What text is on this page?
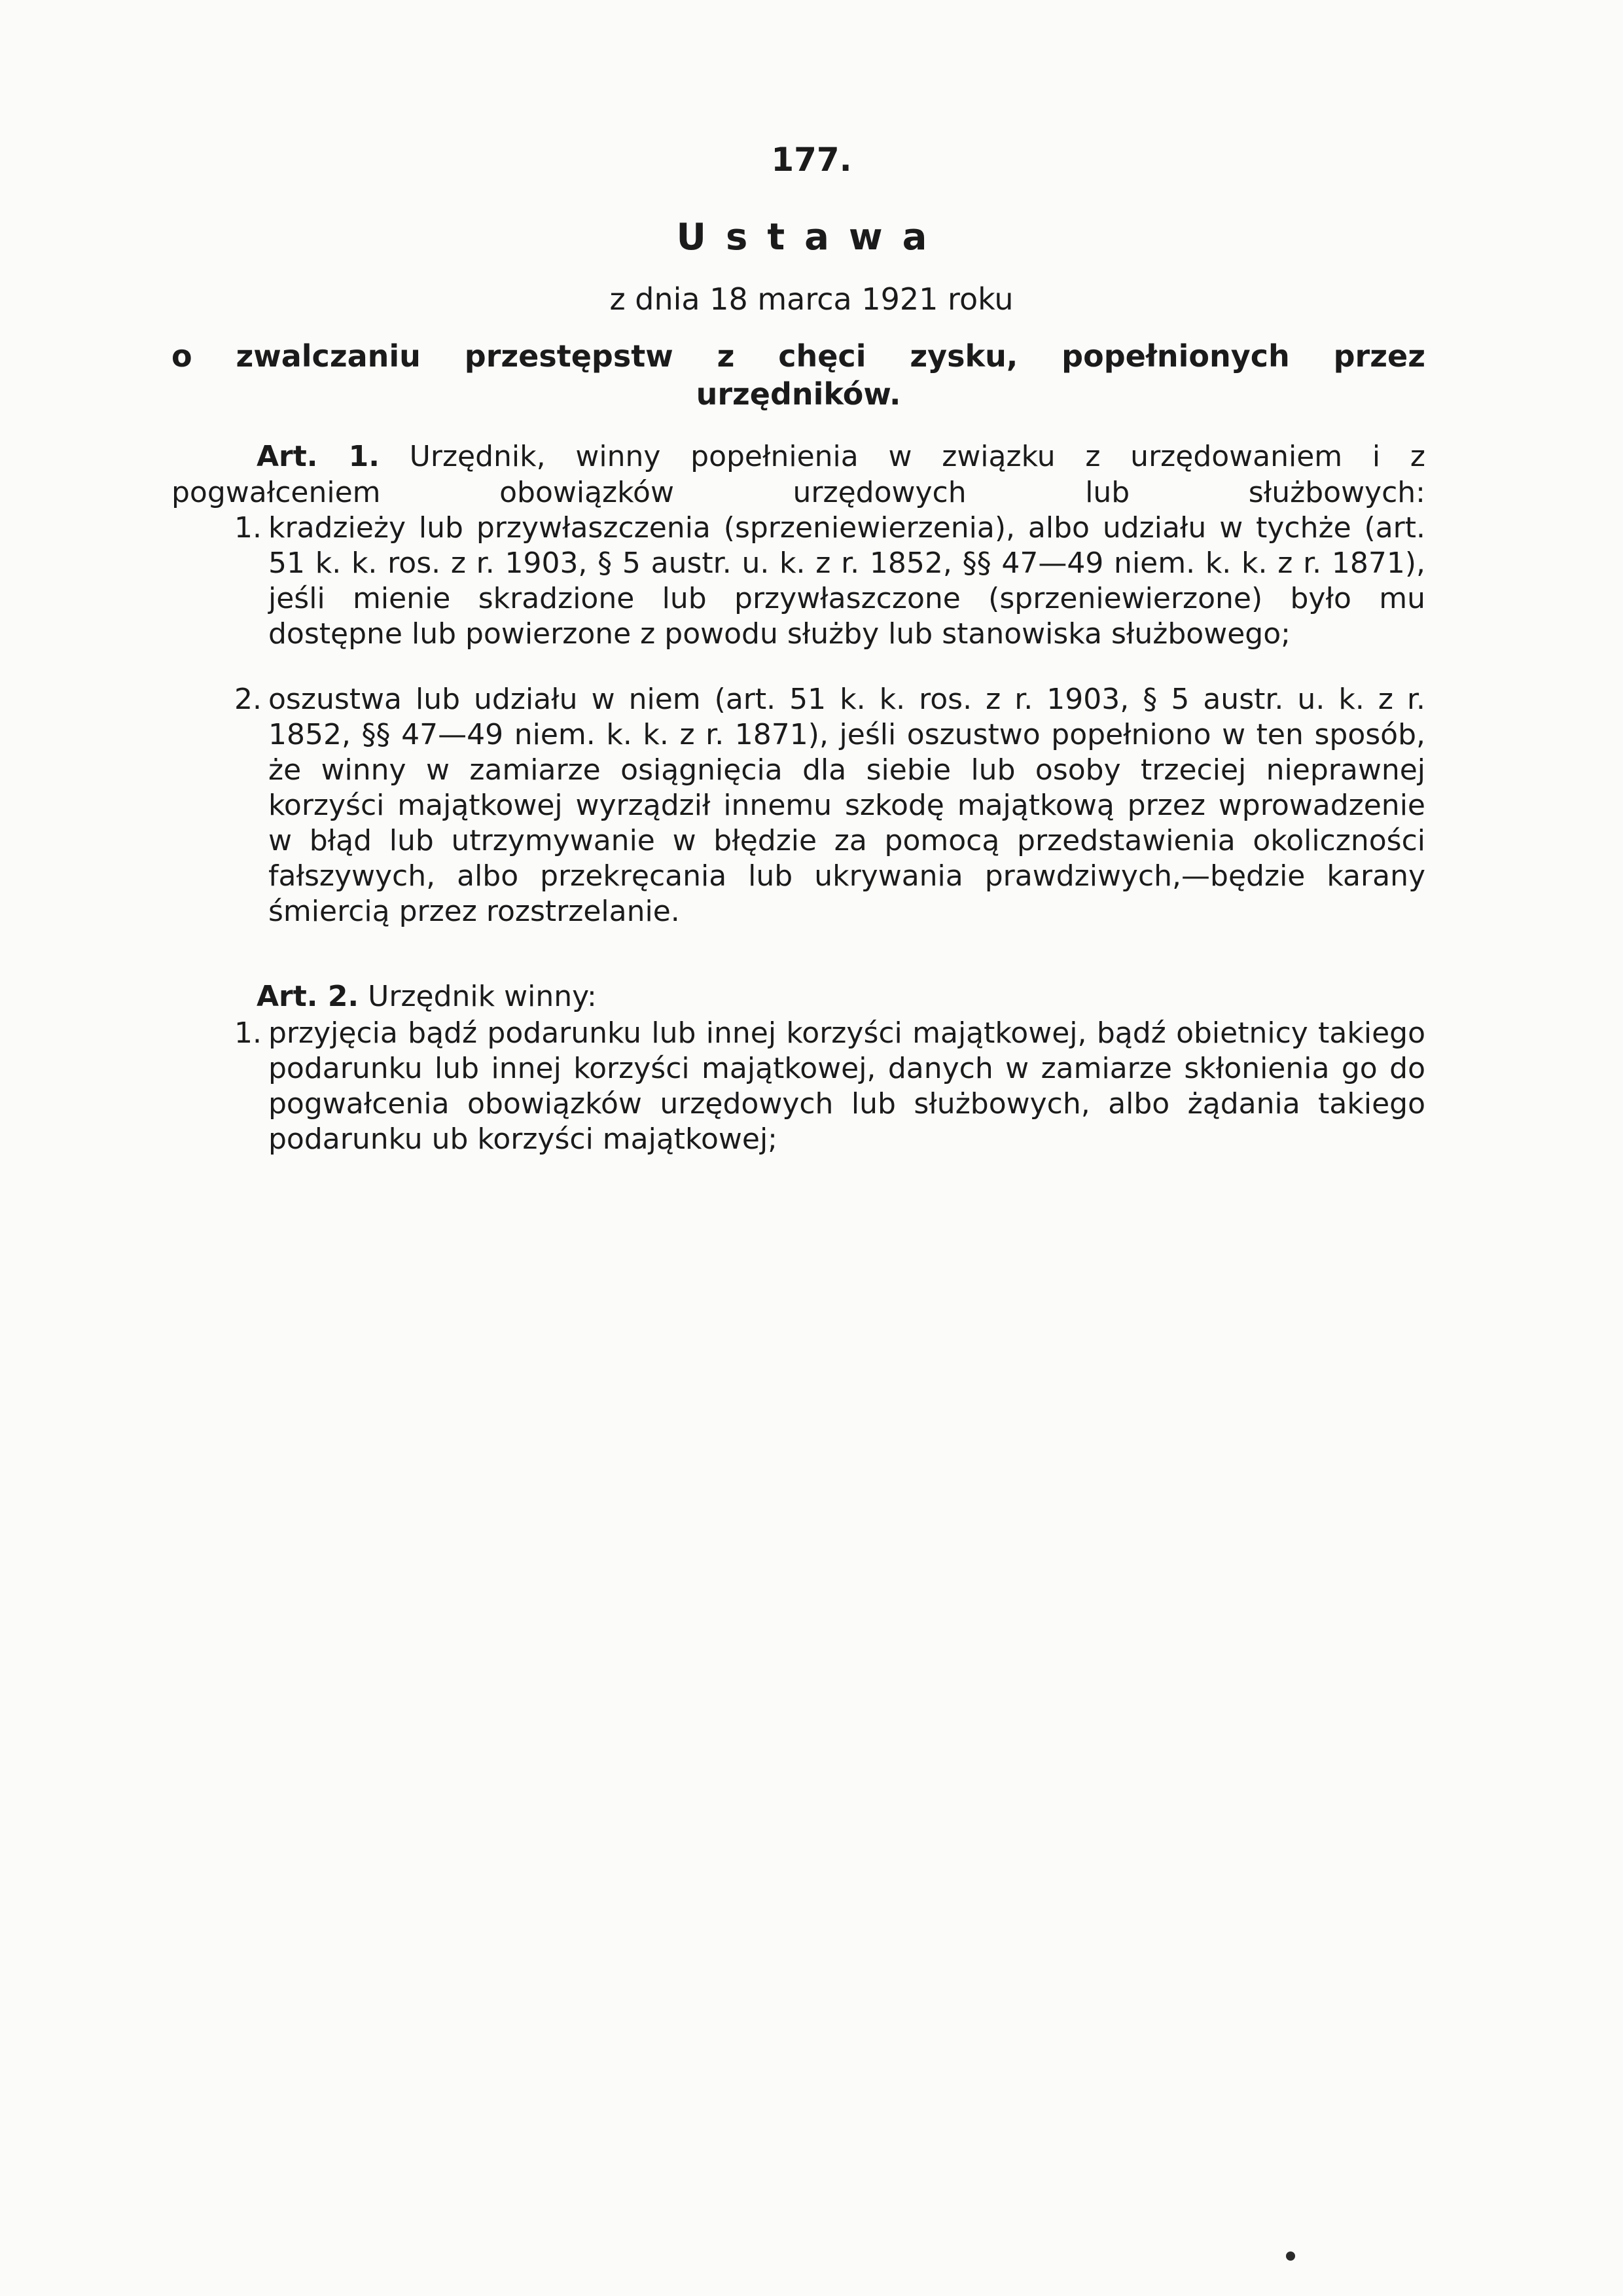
177.
Ustawa
z dnia 18 marca 1921 roku
o zwalczaniu przestępstw z chęci zysku, popełnionych przez urzędników.
Art. 1. Urzędnik, winny popełnienia w związku z urzędowaniem i z pogwałceniem obowiązków urzędowych lub służbowych:
1. kradzieży lub przywłaszczenia (sprzeniewierzenia), albo udziału w tychże (art. 51 k. k. ros. z r. 1903, § 5 austr. u. k. z r. 1852, §§ 47—49 niem. k. k. z r. 1871), jeśli mienie skradzione lub przywłaszczone (sprzeniewierzone) było mu dostępne lub powierzone z powodu służby lub stanowiska służbowego;
2. oszustwa lub udziału w niem (art. 51 k. k. ros. z r. 1903, § 5 austr. u. k. z r. 1852, §§ 47—49 niem. k. k. z r. 1871), jeśli oszustwo popełniono w ten sposób, że winny w zamiarze osiągnięcia dla siebie lub osoby trzeciej nieprawnej korzyści majątkowej wyrządził innemu szkodę majątkową przez wprowadzenie w błąd lub utrzymywanie w błędzie za pomocą przedstawienia okoliczności fałszywych, albo przekręcania lub ukrywania prawdziwych,—będzie karany śmiercią przez rozstrzelanie.
Art. 2. Urzędnik winny:
1. przyjęcia bądź podarunku lub innej korzyści majątkowej, bądź obietnicy takiego podarunku lub innej korzyści majątkowej, danych w zamiarze skłonienia go do pogwałcenia obowiązków urzędowych lub służbowych, albo żądania takiego podarunku ub korzyści majątkowej;
